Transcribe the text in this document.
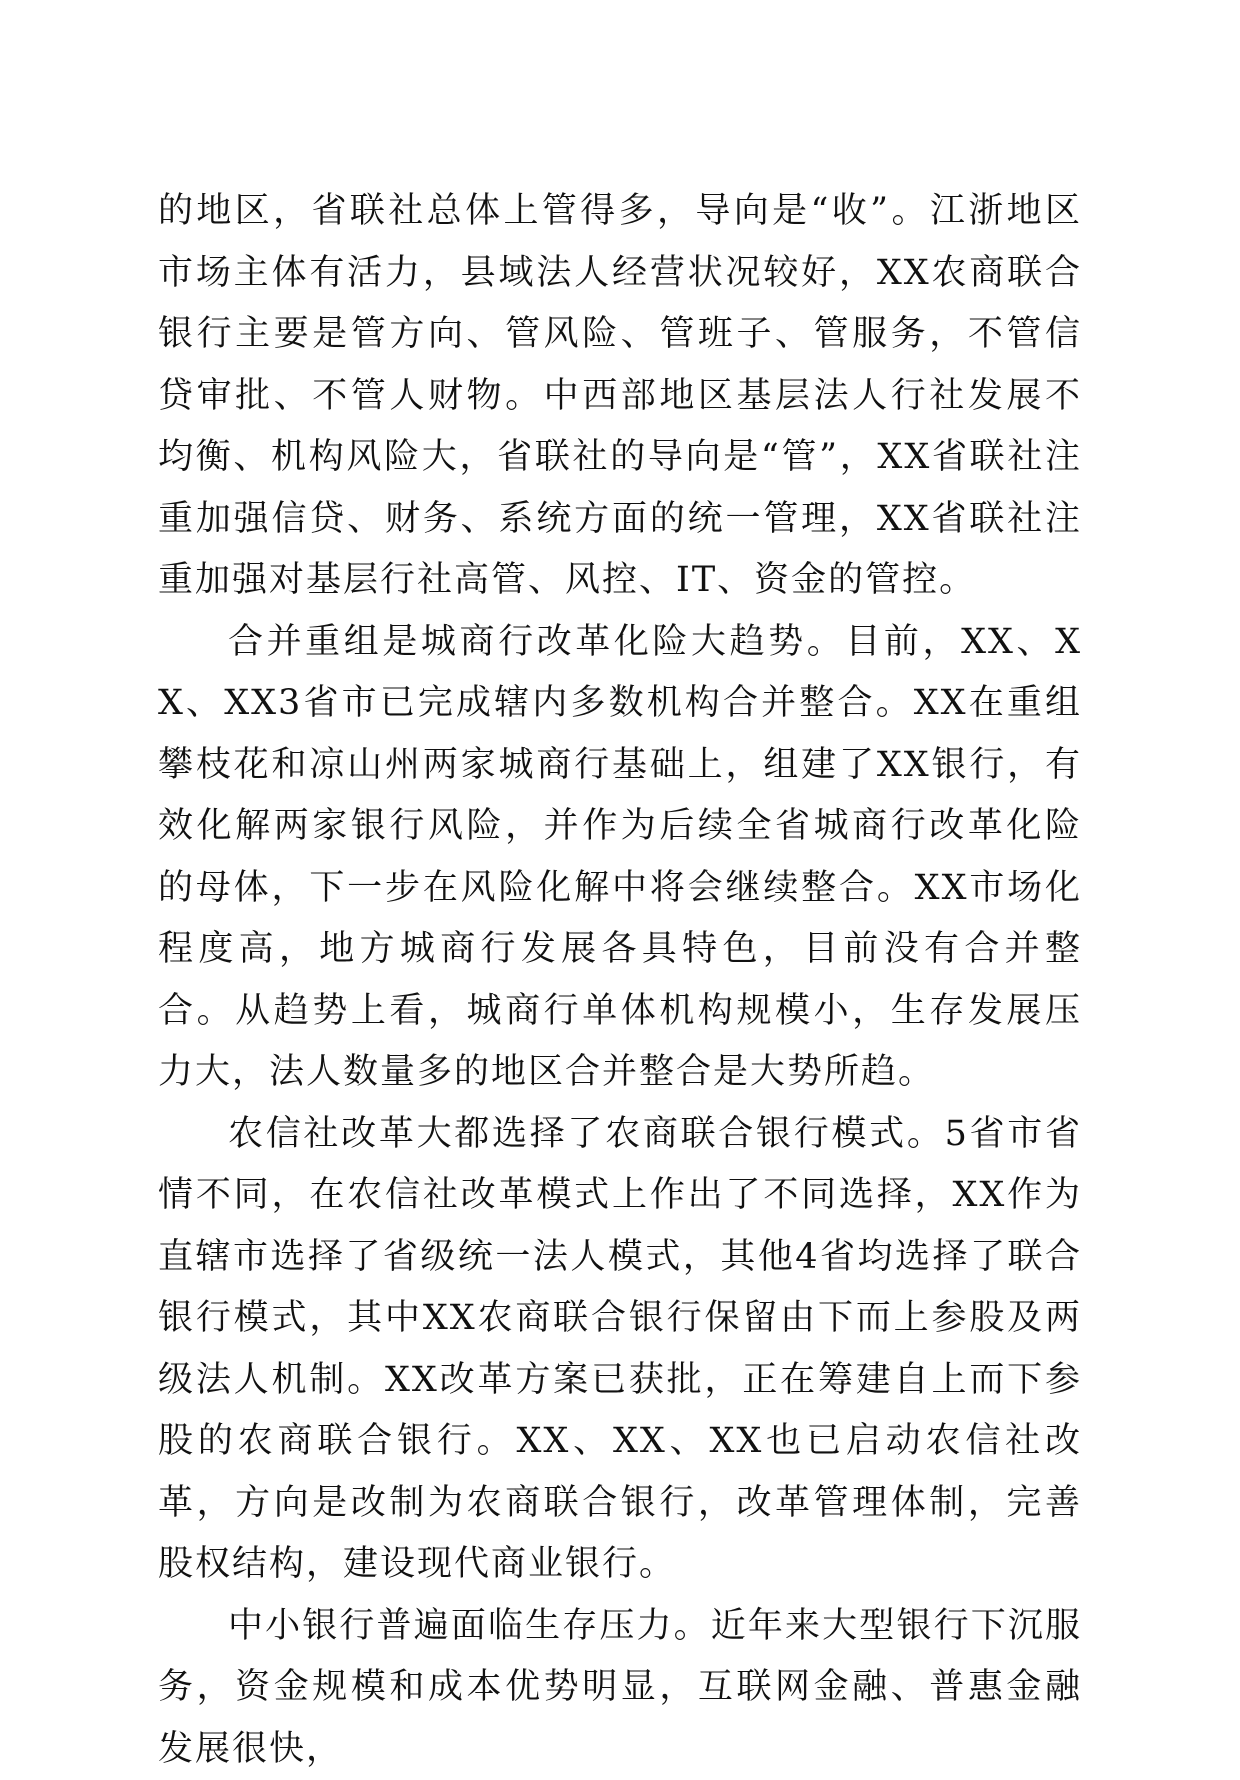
的地区，省联社总体上管得多，导向是“收”。江浙地区市场主体有活力，县域法人经营状况较好，XX农商联合银行主要是管方向、管风险、管班子、管服务，不管信贷审批、不管人财物。中西部地区基层法人行社发展不均衡、机构风险大，省联社的导向是“管”，XX省联社注重加强信贷、财务、系统方面的统一管理，XX省联社注重加强对基层行社高管、风控、IT、资金的管控。

合并重组是城商行改革化险大趋势。目前，XX、XX、XX3省市已完成辖内多数机构合并整合。XX在重组攀枝花和凉山州两家城商行基础上，组建了XX银行，有效化解两家银行风险，并作为后续全省城商行改革化险的母体，下一步在风险化解中将会继续整合。XX市场化程度高，地方城商行发展各具特色，目前没有合并整合。从趋势上看，城商行单体机构规模小，生存发展压力大，法人数量多的地区合并整合是大势所趋。

农信社改革大都选择了农商联合银行模式。5省市省情不同，在农信社改革模式上作出了不同选择，XX作为直辖市选择了省级统一法人模式，其他4省均选择了联合银行模式，其中XX农商联合银行保留由下而上参股及两级法人机制。XX改革方案已获批，正在筹建自上而下参股的农商联合银行。XX、XX、XX也已启动农信社改革，方向是改制为农商联合银行，改革管理体制，完善股权结构，建设现代商业银行。

中小银行普遍面临生存压力。近年来大型银行下沉服务，资金规模和成本优势明显，互联网金融、普惠金融发展很快，
